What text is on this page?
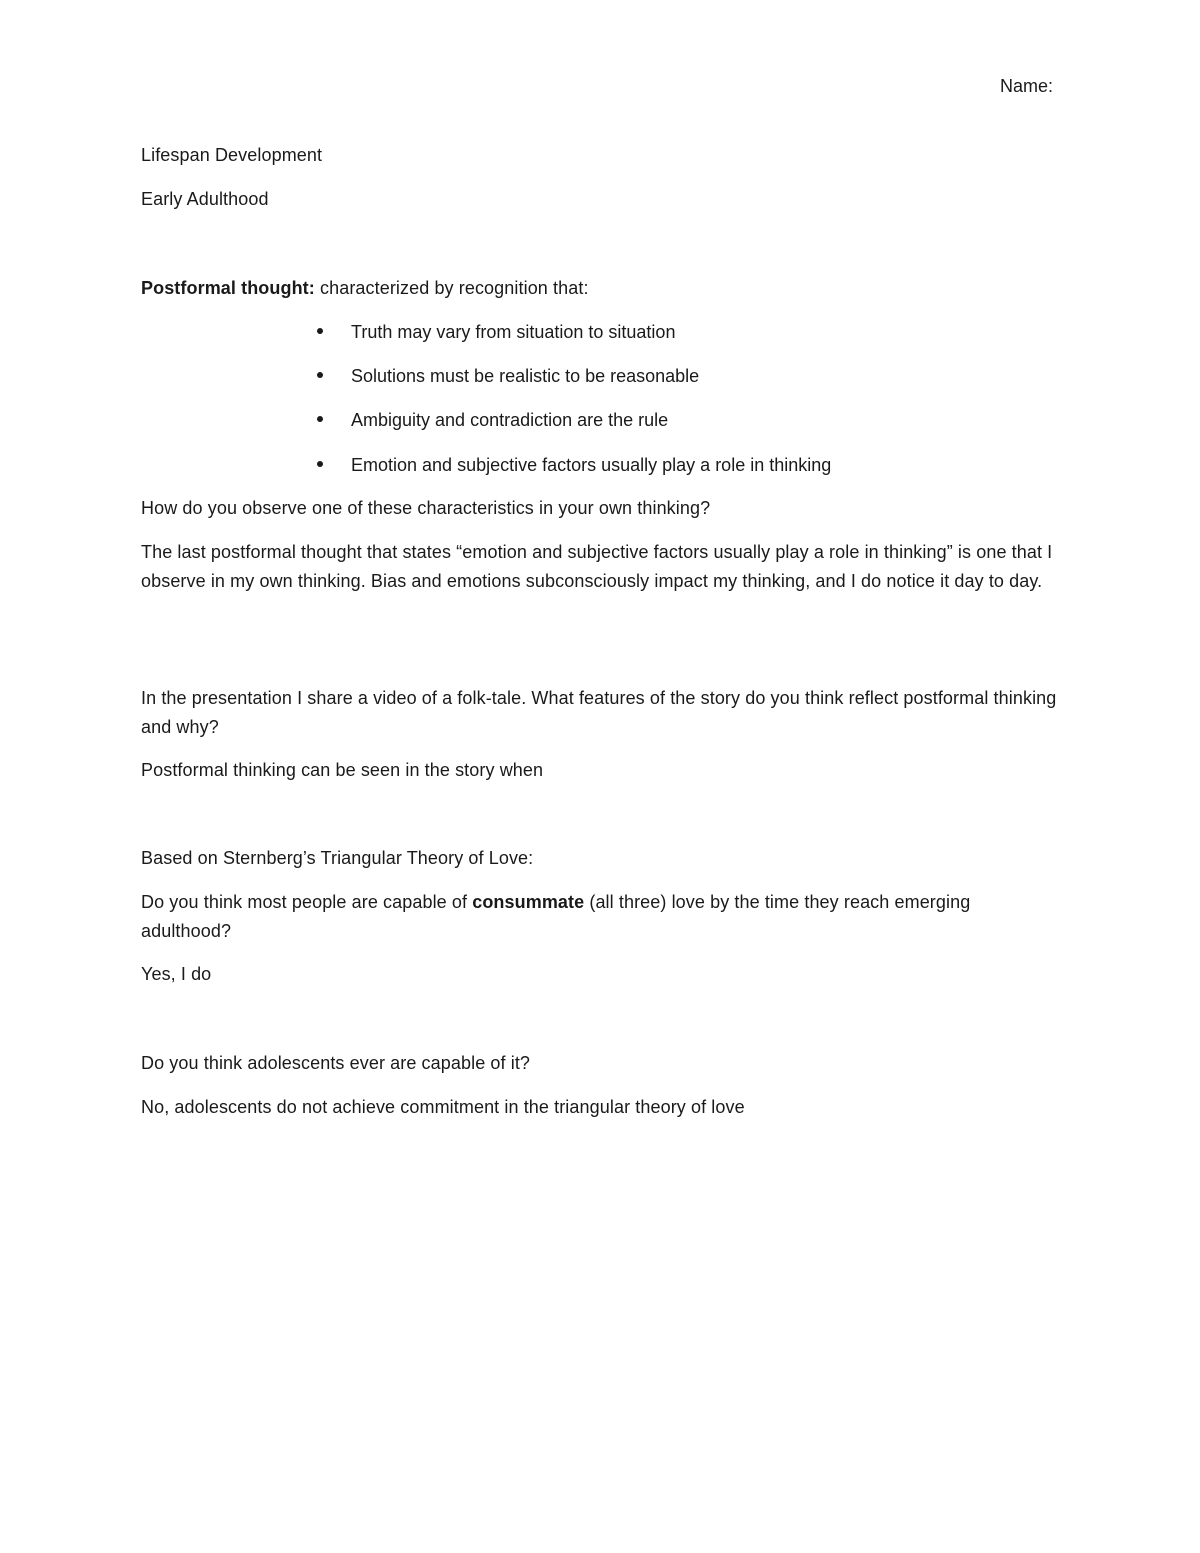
Name:
Lifespan Development
Early Adulthood
Postformal thought: characterized by recognition that:
Truth may vary from situation to situation
Solutions must be realistic to be reasonable
Ambiguity and contradiction are the rule
Emotion and subjective factors usually play a role in thinking
How do you observe one of these characteristics in your own thinking?
The last postformal thought that states “emotion and subjective factors usually play a role in thinking” is one that I observe in my own thinking. Bias and emotions subconsciously impact my thinking, and I do notice it day to day.
In the presentation I share a video of a folk-tale. What features of the story do you think reflect postformal thinking and why?
Postformal thinking can be seen in the story when
Based on Sternberg’s Triangular Theory of Love:
Do you think most people are capable of consummate (all three) love by the time they reach emerging adulthood?
Yes, I do
Do you think adolescents ever are capable of it?
No, adolescents do not achieve commitment in the triangular theory of love
